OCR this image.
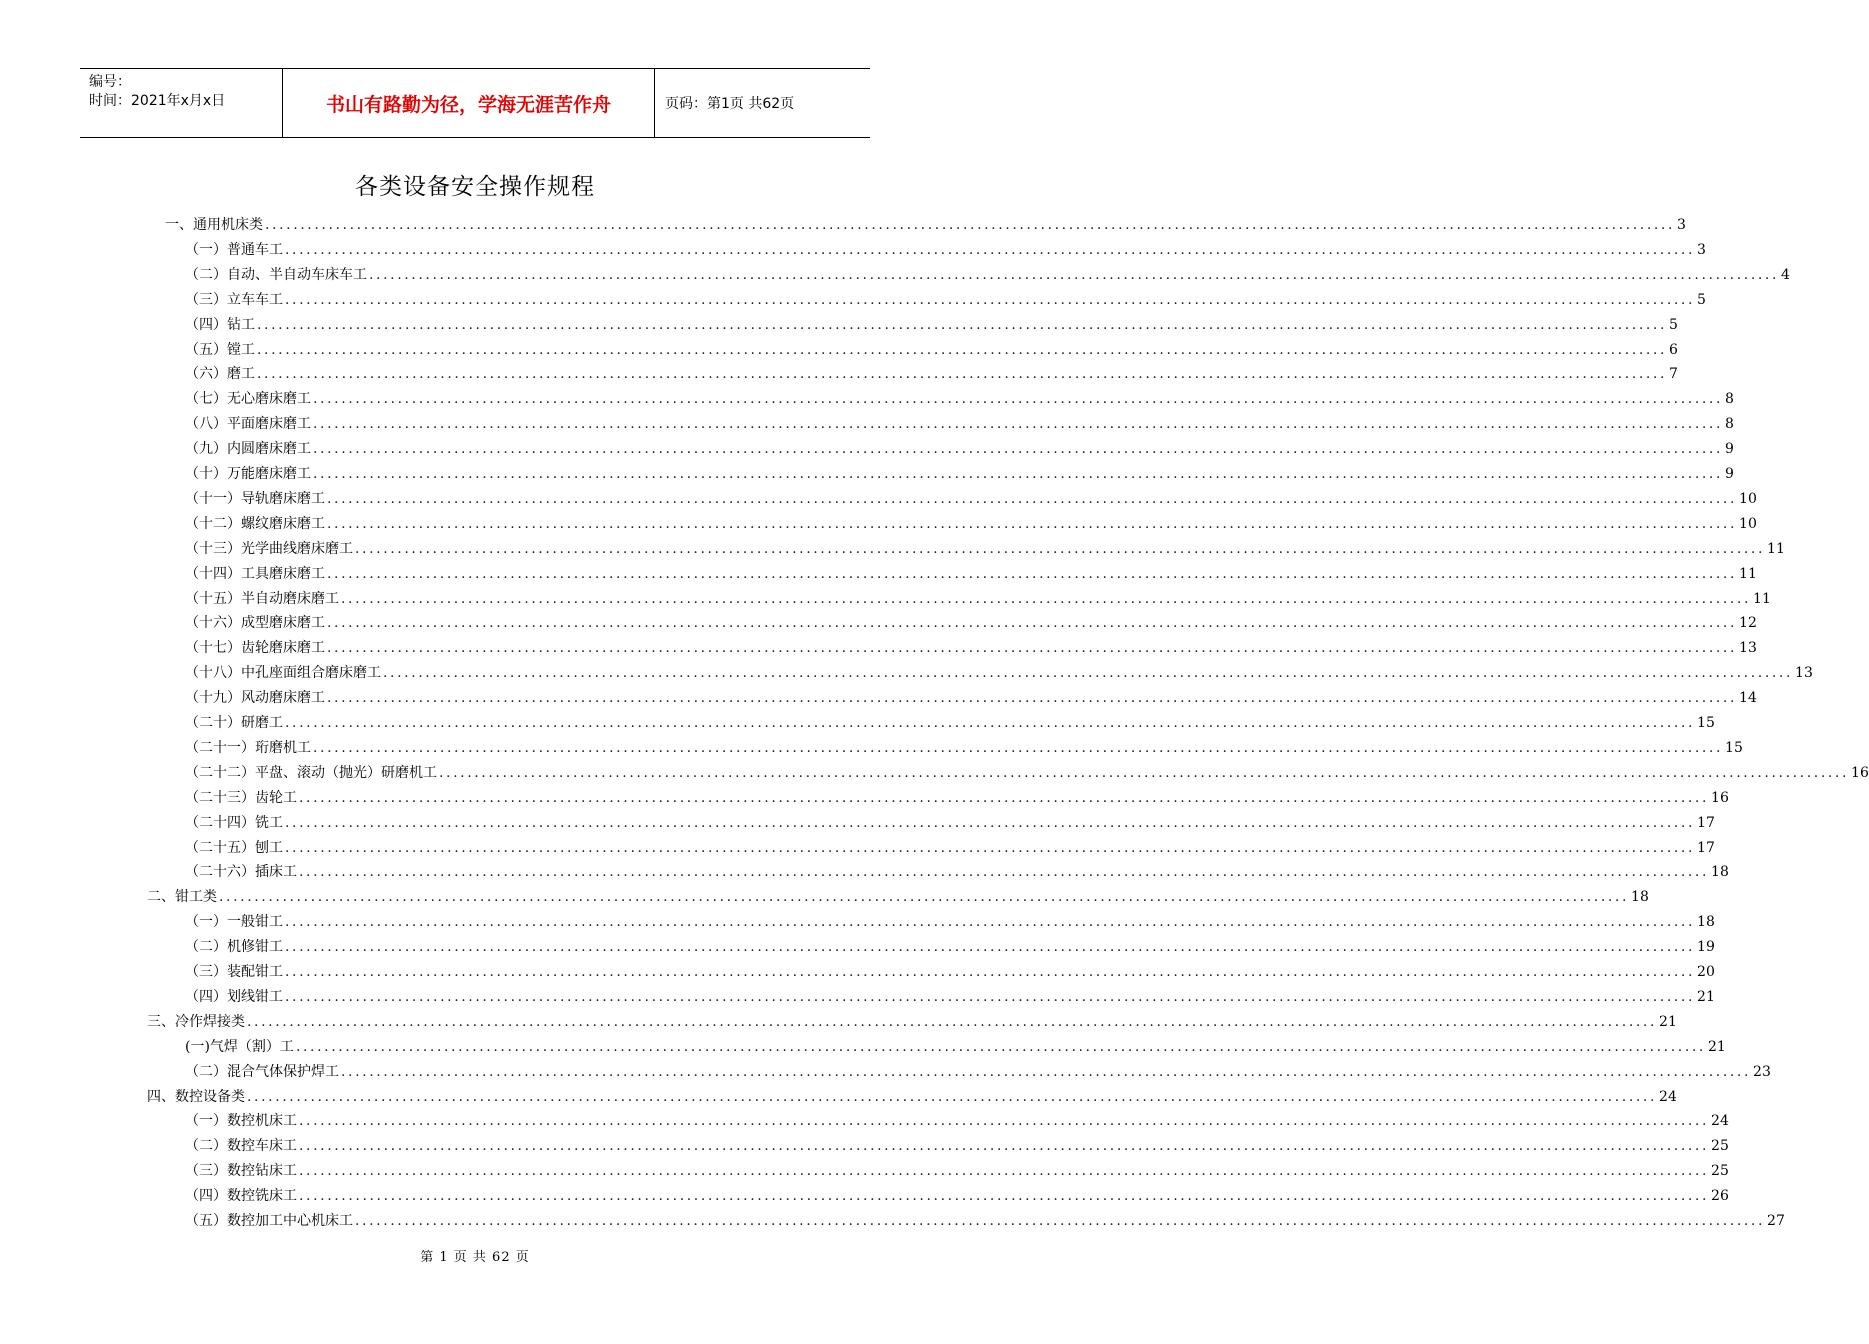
编号：
时间：2021年x月x日	书山有路勤为径，学海无涯苦作舟	页码：第1页 共62页
各类设备安全操作规程
一、通用机床类 ........................................................................................................................................................................................................ 3
（一）普通车工 ........................................................................................................................................................................................................ 3
（二）自动、半自动车床车工 ........................................................................................................................................................................................................ 4
（三）立车车工 ........................................................................................................................................................................................................ 5
（四）钻工 ........................................................................................................................................................................................................ 5
（五）镗工 ........................................................................................................................................................................................................ 6
（六）磨工 ........................................................................................................................................................................................................ 7
（七）无心磨床磨工 ........................................................................................................................................................................................................ 8
（八）平面磨床磨工 ........................................................................................................................................................................................................ 8
（九）内圆磨床磨工 ........................................................................................................................................................................................................ 9
（十）万能磨床磨工 ........................................................................................................................................................................................................ 9
（十一）导轨磨床磨工 ........................................................................................................................................................................................................ 10
（十二）螺纹磨床磨工 ........................................................................................................................................................................................................ 10
（十三）光学曲线磨床磨工 ........................................................................................................................................................................................................ 11
（十四）工具磨床磨工 ........................................................................................................................................................................................................ 11
（十五）半自动磨床磨工 ........................................................................................................................................................................................................ 11
（十六）成型磨床磨工 ........................................................................................................................................................................................................ 12
（十七）齿轮磨床磨工 ........................................................................................................................................................................................................ 13
（十八）中孔座面组合磨床磨工 ........................................................................................................................................................................................................ 13
（十九）风动磨床磨工 ........................................................................................................................................................................................................ 14
（二十）研磨工 ........................................................................................................................................................................................................ 15
（二十一）珩磨机工 ........................................................................................................................................................................................................ 15
（二十二）平盘、滚动（抛光）研磨机工 ........................................................................................................................................................................................................ 16
（二十三）齿轮工 ........................................................................................................................................................................................................ 16
（二十四）铣工 ........................................................................................................................................................................................................ 17
（二十五）刨工 ........................................................................................................................................................................................................ 17
（二十六）插床工 ........................................................................................................................................................................................................ 18
二、钳工类 ........................................................................................................................................................................................................ 18
（一）一般钳工 ........................................................................................................................................................................................................ 18
（二）机修钳工 ........................................................................................................................................................................................................ 19
（三）装配钳工 ........................................................................................................................................................................................................ 20
（四）划线钳工 ........................................................................................................................................................................................................ 21
三、冷作焊接类 ........................................................................................................................................................................................................ 21
(一)气焊（割）工 ........................................................................................................................................................................................................ 21
（二）混合气体保护焊工 ........................................................................................................................................................................................................ 23
四、数控设备类 ........................................................................................................................................................................................................ 24
（一）数控机床工 ........................................................................................................................................................................................................ 24
（二）数控车床工 ........................................................................................................................................................................................................ 25
（三）数控钻床工 ........................................................................................................................................................................................................ 25
（四）数控铣床工 ........................................................................................................................................................................................................ 26
（五）数控加工中心机床工 ........................................................................................................................................................................................................ 27
第 1 页 共 62 页
